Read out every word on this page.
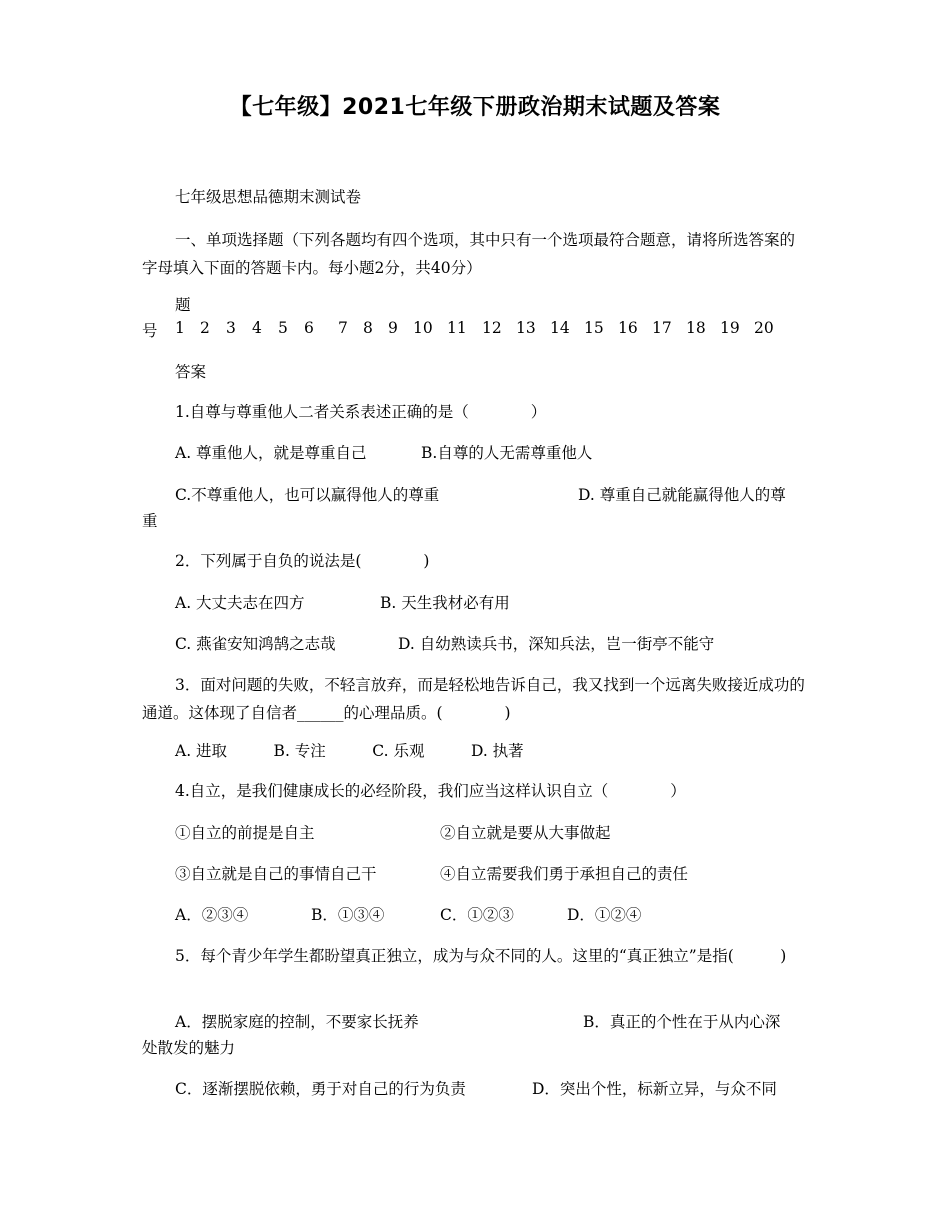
【七年级】2021七年级下册政治期末试题及答案
七年级思想品德期末测试卷
一、单项选择题（下列各题均有四个选项，其中只有一个选项最符合题意，请将所选答案的字母填入下面的答题卡内。每小题2分，共40分）
题
号 1 2 3 4 5 6 7 8 9 10 11 12 13 14 15 16 17 18 19 20
答案
1.自尊与尊重他人二者关系表述正确的是（　　　　）
A. 尊重他人，就是尊重自己	B.自尊的人无需尊重他人
C.不尊重他人，也可以赢得他人的尊重	D. 尊重自己就能赢得他人的尊
重
2．下列属于自负的说法是(　　　　)
A. 大丈夫志在四方	B. 天生我材必有用
C. 燕雀安知鸿鹄之志哉	D. 自幼熟读兵书，深知兵法，岂一街亭不能守
3．面对问题的失败，不轻言放弃，而是轻松地告诉自己，我又找到一个远离失败接近成功的通道。这体现了自信者______的心理品质。(　　　　)
A. 进取　　　B. 专注　　　C. 乐观　　　D. 执著
4.自立，是我们健康成长的必经阶段，我们应当这样认识自立（　　　　）
①自立的前提是自主	②自立就是要从大事做起
③自立就是自己的事情自己干	④自立需要我们勇于承担自己的责任
A．②③④	B．①③④	C．①②③	D．①②④
5．每个青少年学生都盼望真正独立，成为与众不同的人。这里的“真正独立”是指(　　　)
A．摆脱家庭的控制，不要家长抚养	B．真正的个性在于从内心深
处散发的魅力
C．逐渐摆脱依赖，勇于对自己的行为负责	D．突出个性，标新立异，与众不同
